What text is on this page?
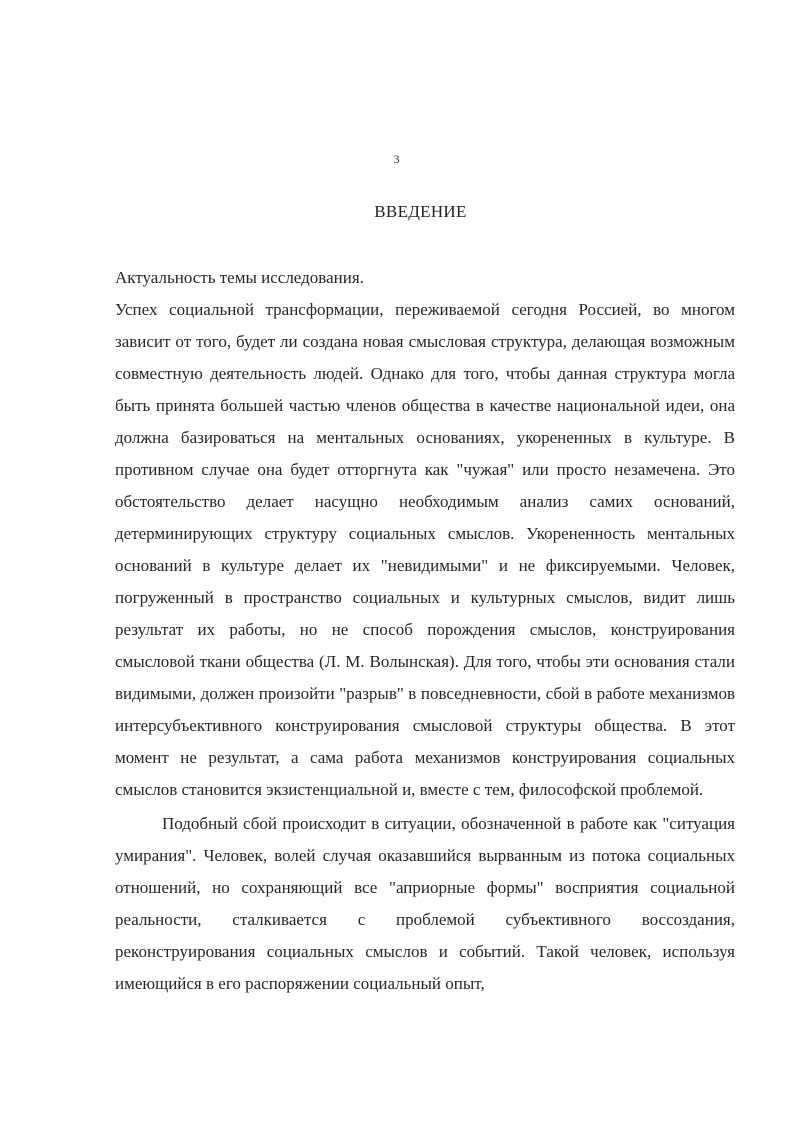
3
ВВЕДЕНИЕ

Актуальность темы исследования.

Успех социальной трансформации, переживаемой сегодня Россией, во многом зависит от того, будет ли создана новая смысловая структура, делающая возможным совместную деятельность людей. Однако для того, чтобы данная структура могла быть принята большей частью членов общества в качестве национальной идеи, она должна базироваться на ментальных основаниях, укорененных в культуре. В противном случае она будет отторгнута как "чужая" или просто незамечена. Это обстоятельство делает насущно необходимым анализ самих оснований, детерминирующих структуру социальных смыслов. Укорененность ментальных оснований в культуре делает их "невидимыми" и не фиксируемыми. Человек, погруженный в пространство социальных и культурных смыслов, видит лишь результат их работы, но не способ порождения смыслов, конструирования смысловой ткани общества (Л. М. Волынская). Для того, чтобы эти основания стали видимыми, должен произойти "разрыв" в повседневности, сбой в работе механизмов интерсубъективного конструирования смысловой структуры общества. В этот момент не результат, а сама работа механизмов конструирования социальных смыслов становится экзистенциальной и, вместе с тем, философской проблемой.

Подобный сбой происходит в ситуации, обозначенной в работе как "ситуация умирания". Человек, волей случая оказавшийся вырванным из потока социальных отношений, но сохраняющий все "априорные формы" восприятия социальной реальности, сталкивается с проблемой субъективного воссоздания, реконструирования социальных смыслов и событий. Такой человек, используя имеющийся в его распоряжении социальный опыт,
